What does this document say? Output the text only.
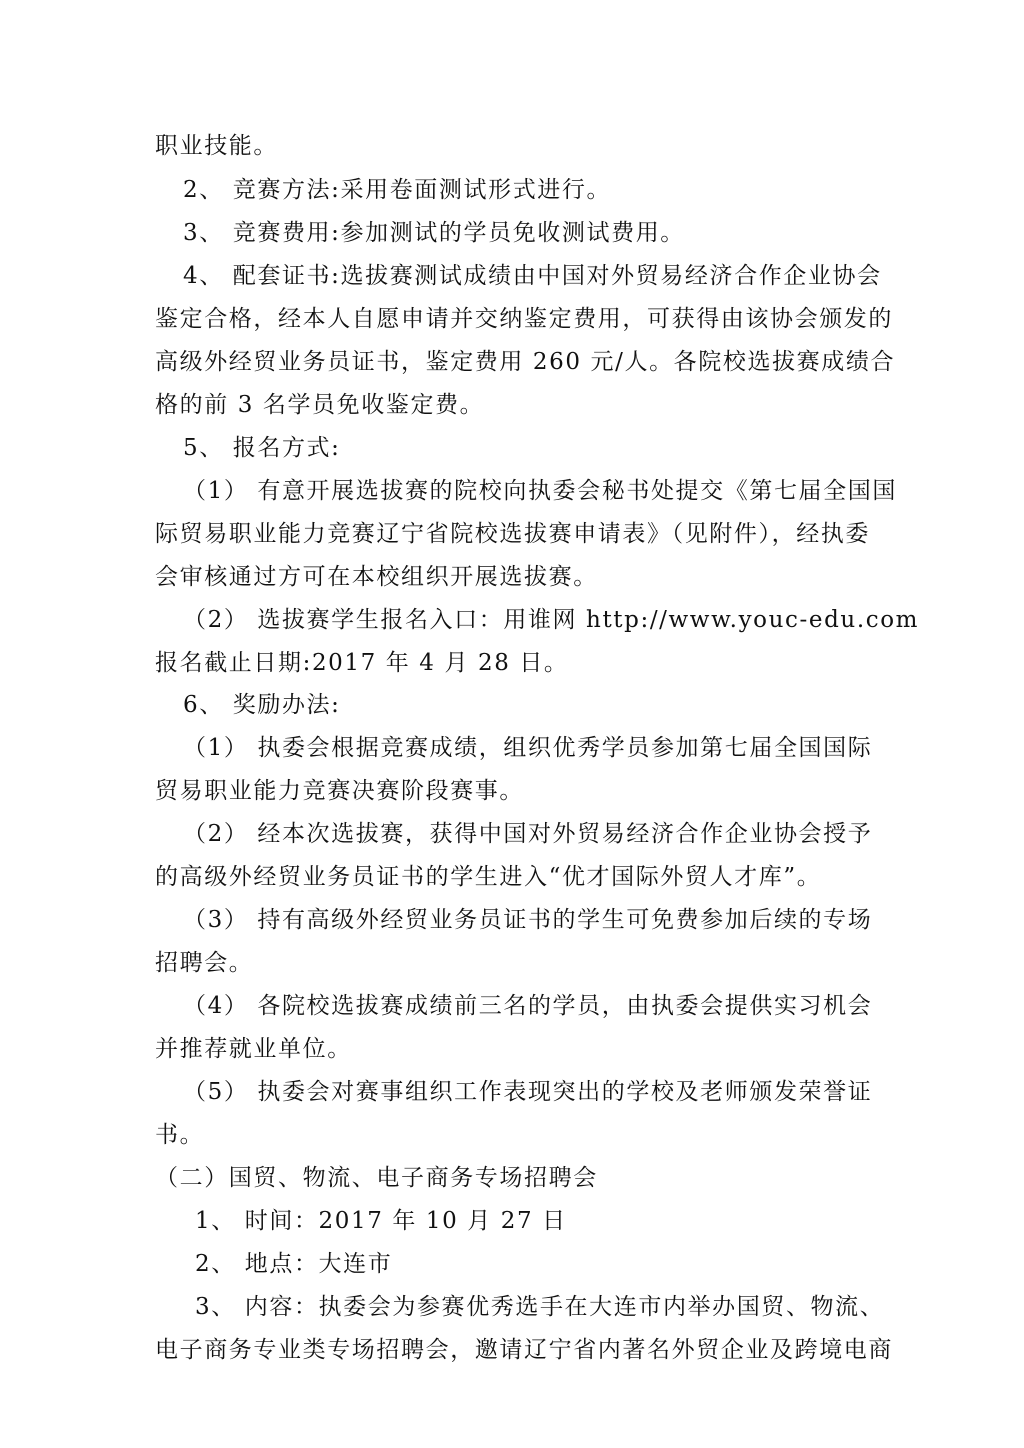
职业技能。
2、 竞赛方法:采用卷面测试形式进行。
3、 竞赛费用:参加测试的学员免收测试费用。
4、 配套证书:选拔赛测试成绩由中国对外贸易经济合作企业协会
鉴定合格，经本人自愿申请并交纳鉴定费用，可获得由该协会颁发的
高级外经贸业务员证书，鉴定费用 260 元/人。各院校选拔赛成绩合
格的前 3 名学员免收鉴定费。
5、 报名方式:
（1） 有意开展选拔赛的院校向执委会秘书处提交《第七届全国国
际贸易职业能力竞赛辽宁省院校选拔赛申请表》（见附件），经执委
会审核通过方可在本校组织开展选拔赛。
（2） 选拔赛学生报名入口：用谁网 http://www.youc-edu.com
报名截止日期:2017 年 4 月 28 日。
6、 奖励办法:
（1） 执委会根据竞赛成绩，组织优秀学员参加第七届全国国际
贸易职业能力竞赛决赛阶段赛事。
（2） 经本次选拔赛，获得中国对外贸易经济合作企业协会授予
的高级外经贸业务员证书的学生进入“优才国际外贸人才库”。
（3） 持有高级外经贸业务员证书的学生可免费参加后续的专场
招聘会。
（4） 各院校选拔赛成绩前三名的学员，由执委会提供实习机会
并推荐就业单位。
（5） 执委会对赛事组织工作表现突出的学校及老师颁发荣誉证
书。
（二）国贸、物流、电子商务专场招聘会
1、 时间：2017 年 10 月 27 日
2、 地点：大连市
3、 内容：执委会为参赛优秀选手在大连市内举办国贸、物流、
电子商务专业类专场招聘会，邀请辽宁省内著名外贸企业及跨境电商
